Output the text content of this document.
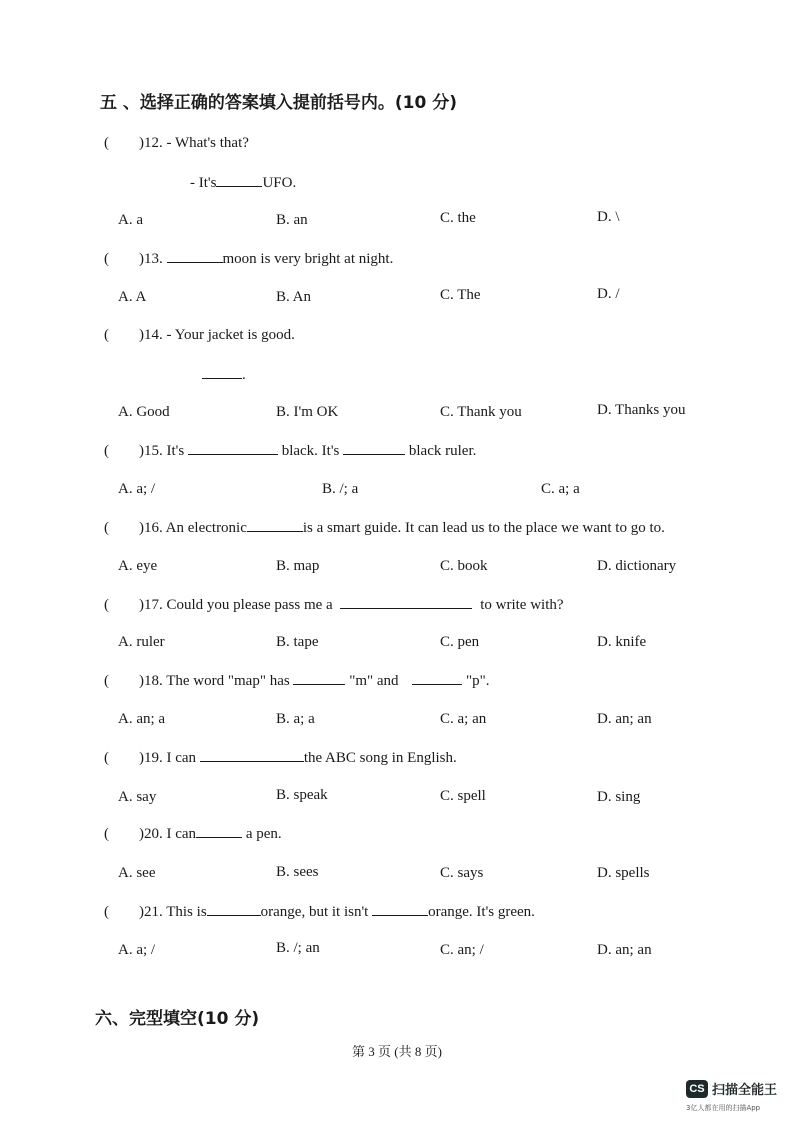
五 、选择正确的答案填入提前括号内。(10 分)
(　　)12. - What's that?
- It's	UFO.
A. a	B. an	C. the	D. \
(　　)13.	moon is very bright at night.
A. A	B. An	C. The	D. /
(　　)14. - Your jacket is good.
.
A. Good	B. I'm OK	C. Thank you	D. Thanks you
(　　)15. It's	black. It's	black ruler.
A. a; /	B. /; a	C. a; a
(　　)16. An electronic	is a smart guide. It can lead us to the place we want to go to.
A. eye	B. map	C. book	D. dictionary
(　　)17. Could you please pass me a	to write with?
A. ruler	B. tape	C. pen	D. knife
(　　)18. The word "map" has	"m" and	"p".
A. an; a	B. a; a	C. a; an	D. an; an
(　　)19. I can	the ABC song in English.
A. say	B. speak	C. spell	D. sing
(　　)20. I can	a pen.
A. see	B. sees	C. says	D. spells
(　　)21. This is	orange, but it isn't	orange. It's green.
A. a; /	B. /; an	C. an; /	D. an; an
六、完型填空(10 分)
第 3 页 (共 8 页)
CS 扫描全能王
3亿人都在用的扫描App
